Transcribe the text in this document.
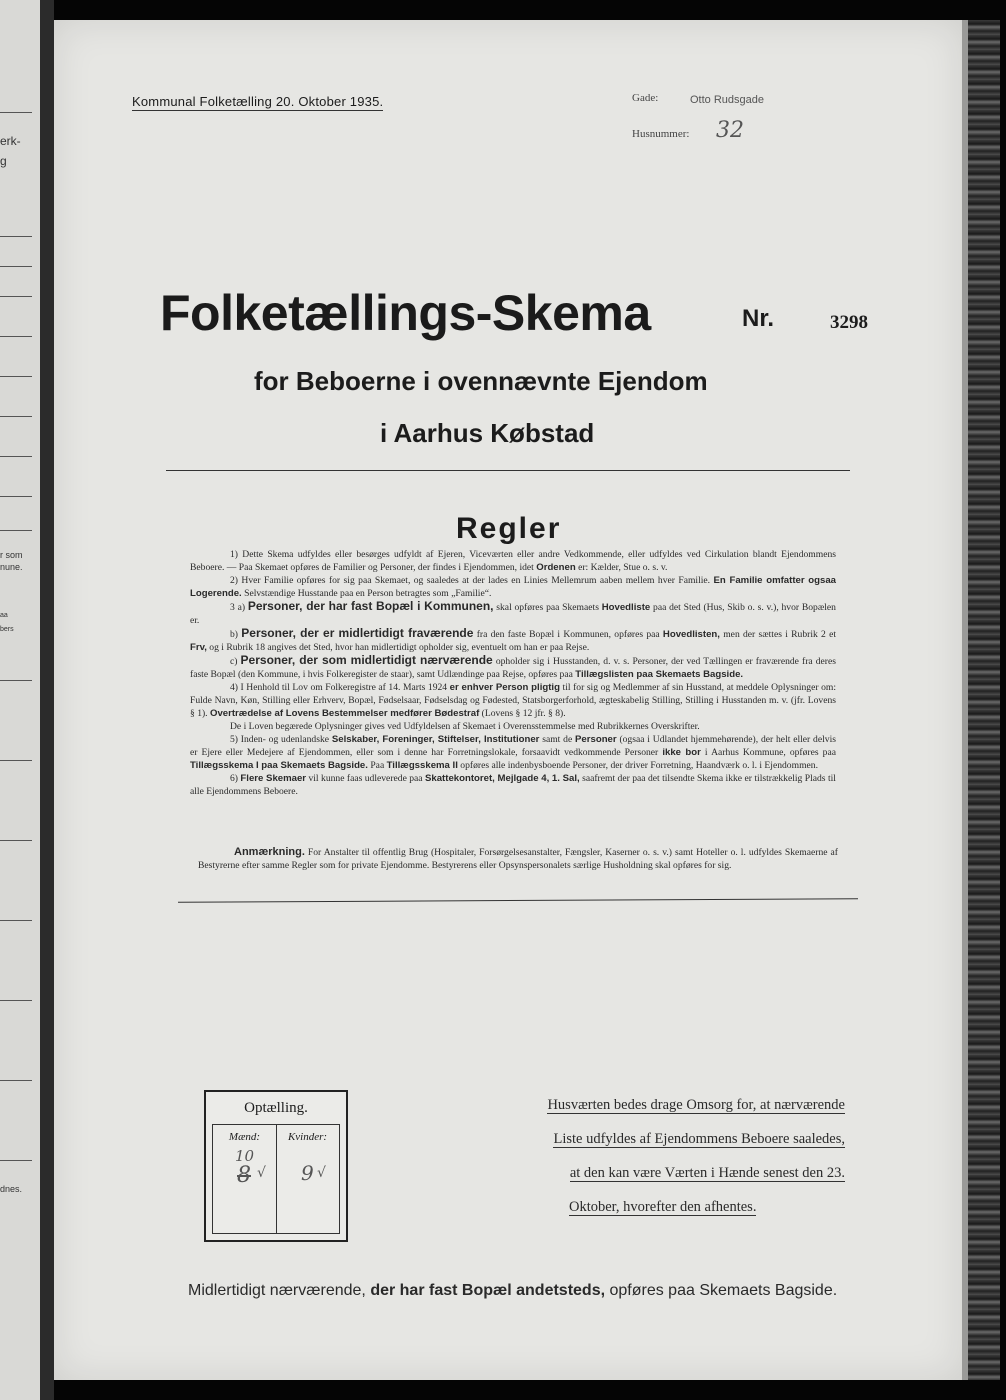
erk-
g
r som
nune.
aa
bers
dnes.
Kommunal Folketælling 20. Oktober 1935.	Gade:	Otto Rudsgade
Husnummer: 32
Folketællings-Skema	Nr.	3298
for Beboerne i ovennævnte Ejendom
i Aarhus Købstad
Regler

1) Dette Skema udfyldes eller besørges udfyldt af Ejeren, Viceværten eller andre Vedkommende, eller udfyldes ved Cirkulation blandt Ejendommens Beboere. — Paa Skemaet opføres de Familier og Personer, der findes i Ejendommen, idet Ordenen er: Kælder, Stue o. s. v.

2) Hver Familie opføres for sig paa Skemaet, og saaledes at der lades en Linies Mellemrum aaben mellem hver Familie. En Familie omfatter ogsaa Logerende. Selvstændige Husstande paa en Person betragtes som „Familie“.

3 a) Personer, der har fast Bopæl i Kommunen, skal opføres paa Skemaets Hovedliste paa det Sted (Hus, Skib o. s. v.), hvor Bopælen er.

b) Personer, der er midlertidigt fraværende fra den faste Bopæl i Kommunen, opføres paa Hovedlisten, men der sættes i Rubrik 2 et Frv, og i Rubrik 18 angives det Sted, hvor han midlertidigt opholder sig, eventuelt om han er paa Rejse.

c) Personer, der som midlertidigt nærværende opholder sig i Husstanden, d. v. s. Personer, der ved Tællingen er fraværende fra deres faste Bopæl (den Kommune, i hvis Folkeregister de staar), samt Udlændinge paa Rejse, opføres paa Tillægslisten paa Skemaets Bagside.

4) I Henhold til Lov om Folkeregistre af 14. Marts 1924 er enhver Person pligtig til for sig og Medlemmer af sin Husstand, at meddele Oplysninger om: Fulde Navn, Køn, Stilling eller Erhverv, Bopæl, Fødselsaar, Fødselsdag og Fødested, Statsborgerforhold, ægteskabelig Stilling, Stilling i Husstanden m. v. (jfr. Lovens § 1). Overtrædelse af Lovens Bestemmelser medfører Bødestraf (Lovens § 12 jfr. § 8).

De i Loven begærede Oplysninger gives ved Udfyldelsen af Skemaet i Overensstemmelse med Rubrikkernes Overskrifter.

5) Inden- og udenlandske Selskaber, Foreninger, Stiftelser, Institutioner samt de Personer (ogsaa i Udlandet hjemmehørende), der helt eller delvis er Ejere eller Medejere af Ejendommen, eller som i denne har Forretningslokale, forsaavidt vedkommende Personer ikke bor i Aarhus Kommune, opføres paa Tillægsskema I paa Skemaets Bagside. Paa Tillægsskema II opføres alle indenbysboende Personer, der driver Forretning, Haandværk o. l. i Ejendommen.

6) Flere Skemaer vil kunne faas udleverede paa Skattekontoret, Mejlgade 4, 1. Sal, saafremt der paa det tilsendte Skema ikke er tilstrækkelig Plads til alle Ejendommens Beboere.

Anmærkning. For Anstalter til offentlig Brug (Hospitaler, Forsørgelsesanstalter, Fængsler, Kaserner o. s. v.) samt Hoteller o. l. udfyldes Skemaerne af Bestyrerne efter samme Regler som for private Ejendomme. Bestyrerens eller Opsynspersonalets særlige Husholdning skal opføres for sig.

Optælling.
Mænd:
10
8 √
Kvinder:
9 √
Husværten bedes drage Omsorg for, at nærværende
Liste udfyldes af Ejendommens Beboere saaledes,
at den kan være Værten i Hænde senest den 23.
Oktober, hvorefter den afhentes.
Midlertidigt nærværende, der har fast Bopæl andetsteds, opføres paa Skemaets Bagside.
